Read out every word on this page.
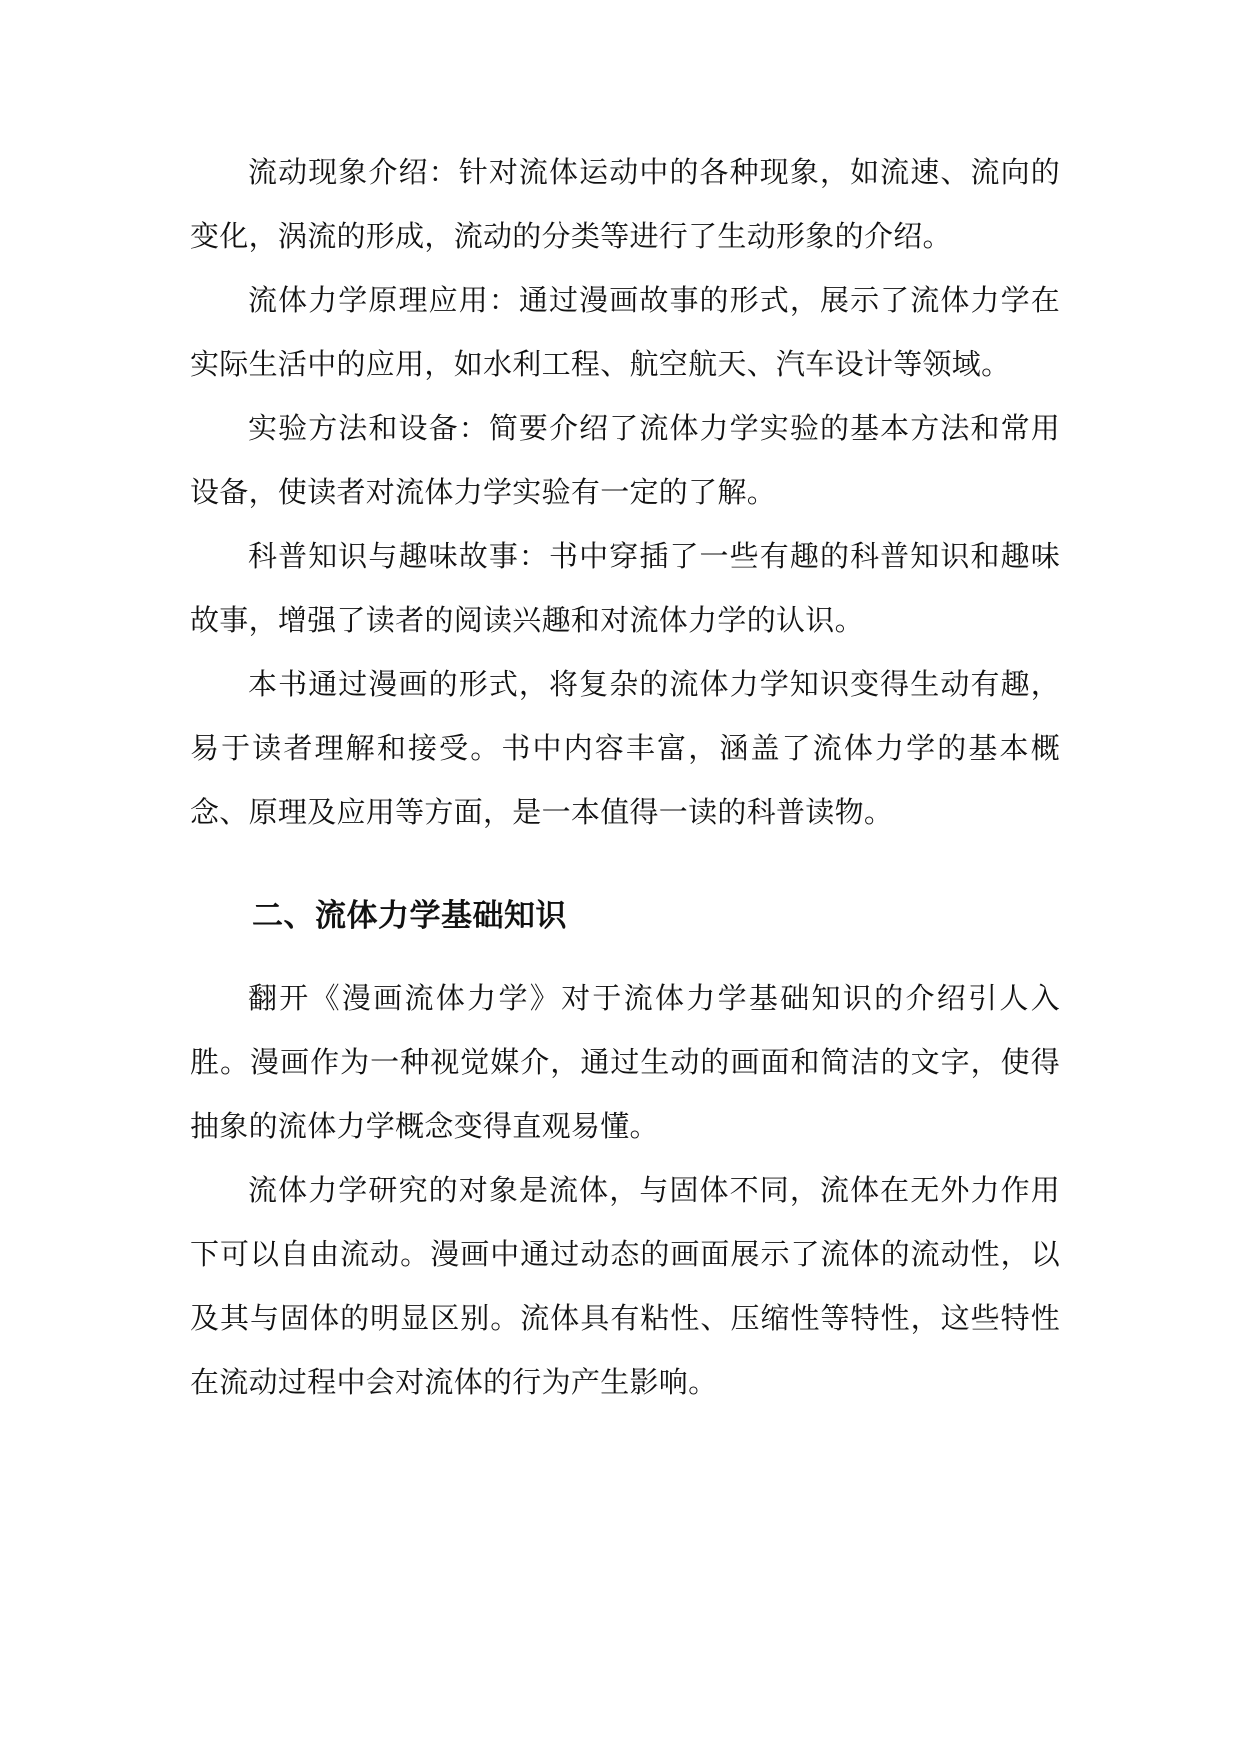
流动现象介绍：针对流体运动中的各种现象，如流速、流向的变化，涡流的形成，流动的分类等进行了生动形象的介绍。

流体力学原理应用：通过漫画故事的形式，展示了流体力学在实际生活中的应用，如水利工程、航空航天、汽车设计等领域。

实验方法和设备：简要介绍了流体力学实验的基本方法和常用设备，使读者对流体力学实验有一定的了解。

科普知识与趣味故事：书中穿插了一些有趣的科普知识和趣味故事，增强了读者的阅读兴趣和对流体力学的认识。

本书通过漫画的形式，将复杂的流体力学知识变得生动有趣，易于读者理解和接受。书中内容丰富，涵盖了流体力学的基本概念、原理及应用等方面，是一本值得一读的科普读物。

二、流体力学基础知识

翻开《漫画流体力学》对于流体力学基础知识的介绍引人入胜。漫画作为一种视觉媒介，通过生动的画面和简洁的文字，使得抽象的流体力学概念变得直观易懂。

流体力学研究的对象是流体，与固体不同，流体在无外力作用下可以自由流动。漫画中通过动态的画面展示了流体的流动性，以及其与固体的明显区别。流体具有粘性、压缩性等特性，这些特性在流动过程中会对流体的行为产生影响。
